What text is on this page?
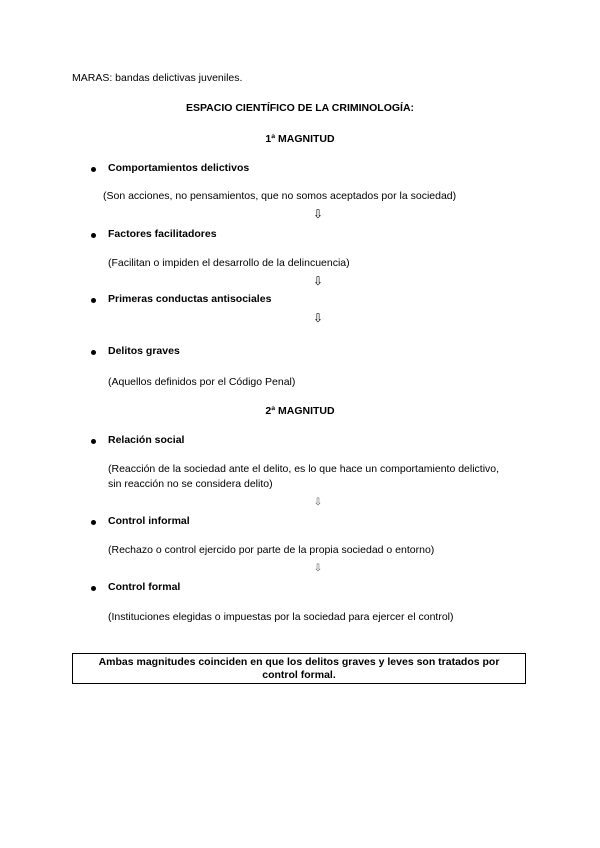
MARAS: bandas delictivas juveniles.
ESPACIO CIENTÍFICO DE LA CRIMINOLOGÍA:
1ª MAGNITUD
Comportamientos delictivos
(Son acciones, no pensamientos, que no somos aceptados por la sociedad)
⇩
Factores facilitadores
(Facilitan o impiden el desarrollo de la delincuencia)
⇩
Primeras conductas antisociales
⇩
Delitos graves
(Aquellos definidos por el Código Penal)
2ª MAGNITUD
Relación social
(Reacción de la sociedad ante el delito, es lo que hace un comportamiento delictivo,
sin reacción no se considera delito)
⇩
Control informal
(Rechazo o control ejercido por parte de la propia sociedad o entorno)
⇩
Control formal
(Instituciones elegidas o impuestas por la sociedad para ejercer el control)
Ambas magnitudes coinciden en que los delitos graves y leves son tratados por
control formal.
